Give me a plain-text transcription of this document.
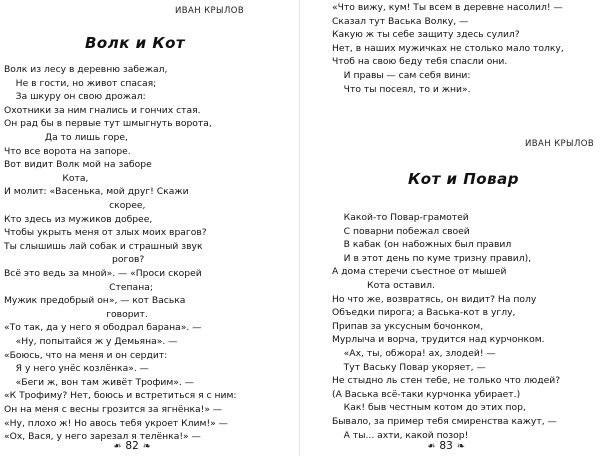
ИВАН КРЫЛОВ
Волк и Кот
Волк из лесу в деревню забежал,
Не в гости, но живот спасая;
За шкуру он свою дрожал:
Охотники за ним гнались и гончих стая.
Он рад бы в первые тут шмыгнуть ворота,
Да то лишь горе,
Что все ворота на запоре.
Вот видит Волк мой на заборе
Кота,
И молит: «Васенька, мой друг! Скажи
скорее,
Кто здесь из мужиков добрее,
Чтобы укрыть меня от злых моих врагов?
Ты слышишь лай собак и страшный звук
рогов?
Всё это ведь за мной». — «Проси скорей
Степана;
Мужик предобрый он», — кот Васька
говорит.
«То так, да у него я ободрал барана». —
«Ну, попытайся ж у Демьяна». —
«Боюсь, что на меня и он сердит:
Я у него унёс козлёнка». —
«Беги ж, вон там живёт Трофим». —
«К Трофиму? Нет, боюсь и встретиться я с ним:
Он на меня с весны грозится за ягнёнка!» —
«Ну, плохо ж! Но авось тебя укроет Клим!» —
«Ох, Вася, у него зарезал я телёнка!» —
❧ 82 ❧
«Что вижу, кум! Ты всем в деревне насолил! —
Сказал тут Васька Волку, —
Какую ж ты себе защиту здесь сулил?
Нет, в наших мужичках не столько мало толку,
Чтоб на свою беду тебя спасли они.
И правы — сам себя вини:
Что ты посеял, то и жни».
ИВАН КРЫЛОВ
Кот и Повар
Какой-то Повар-грамотей
С поварни побежал своей
В кабак (он набожных был правил
И в этот день по куме тризну правил),
А дома стеречи съестное от мышей
Кота оставил.
Но что же, возвратясь, он видит? На полу
Объедки пирога; а Васька-кот в углу,
Припав за уксусным бочонком,
Мурлыча и ворча, трудится над курчонком.
«Ах, ты, обжора! ах, злодей! —
Тут Ваську Повар укоряет, —
Не стыдно ль стен тебе, не только что людей?
(А Васька всё-таки курчонка убирает.)
Как! быв честным котом до этих пор,
Бывало, за пример тебя смиренства кажут, —
А ты... ахти, какой позор!
❧ 83 ❧
